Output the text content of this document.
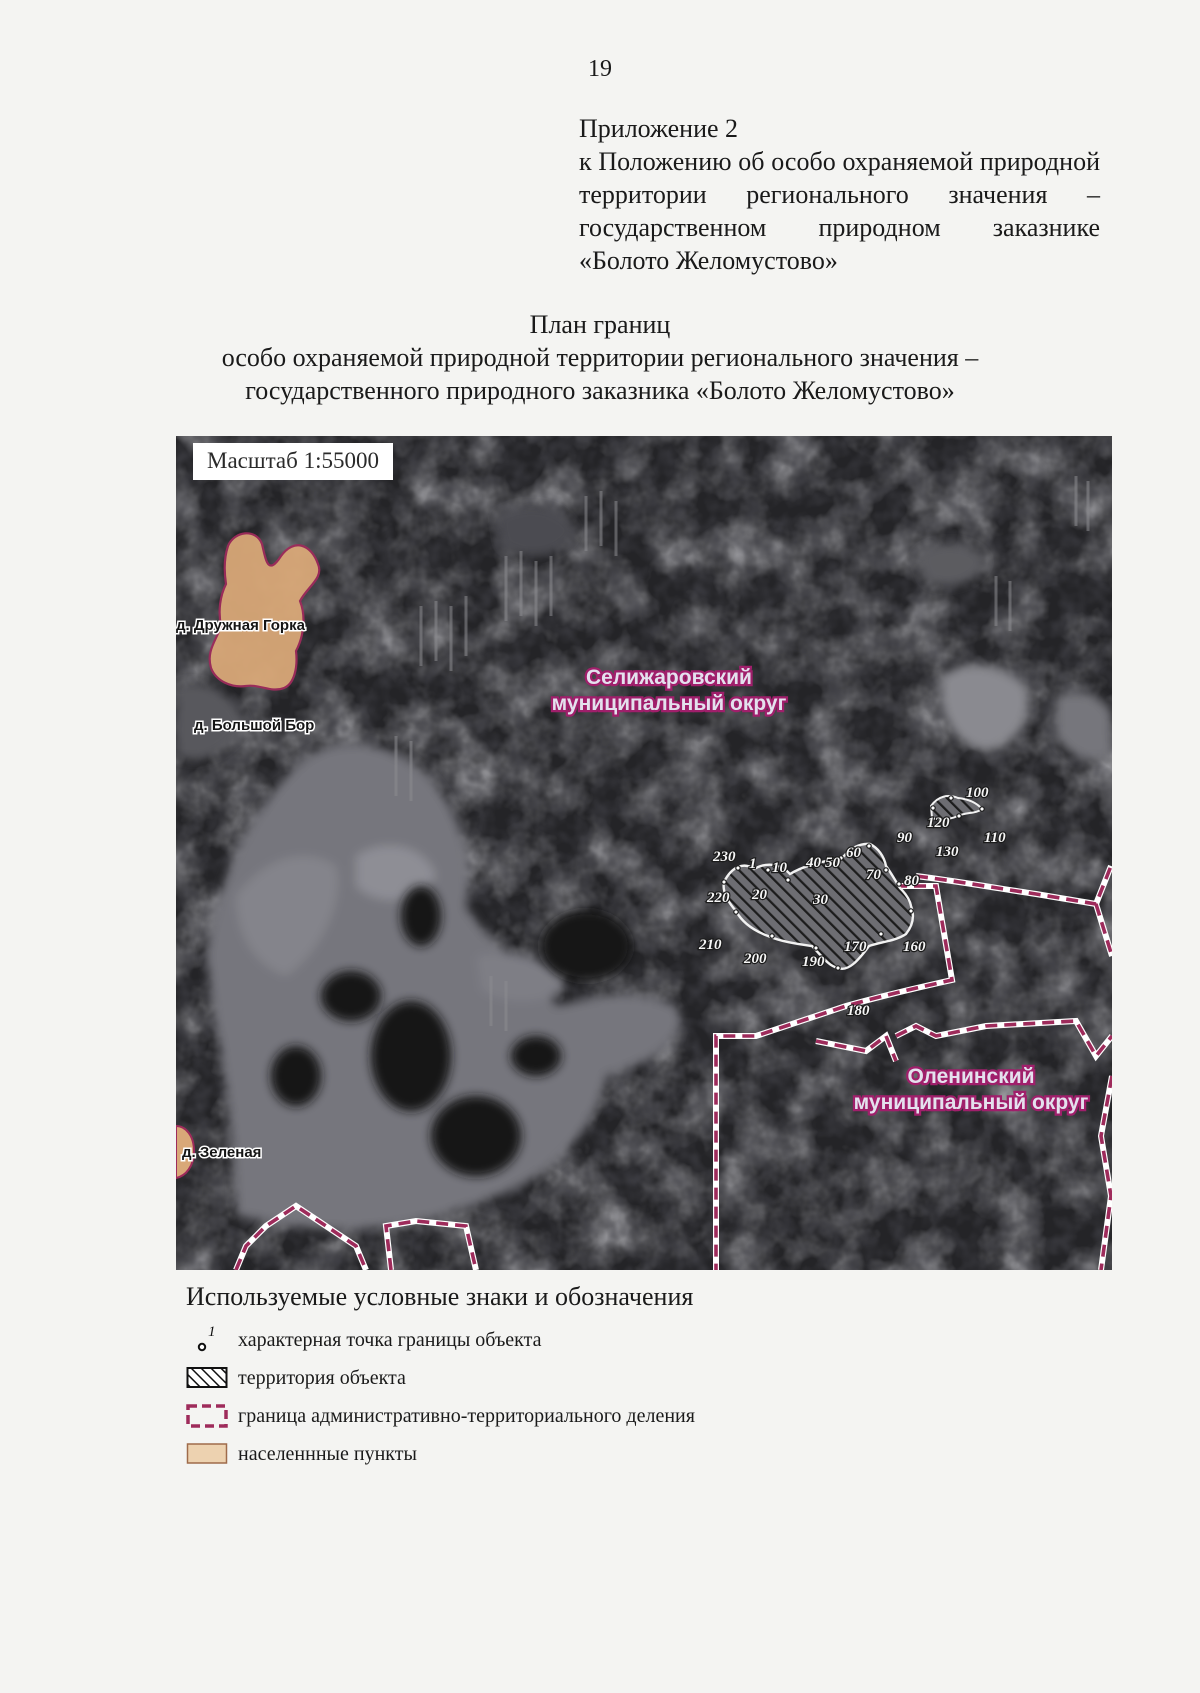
19
Приложение 2
к Положению об особо охраняемой природной территории регионального значения – государственном природном заказнике «Болото Желомустово»
План границ
особо охраняемой природной территории регионального значения –
государственного природного заказника «Болото Желомустово»
230 1 10
220 20	30
40 50
60
70 80
90
100
110
120
130
160
170
180
190
200
210
д. Дружная Горка
д. Большой Бор
д. Зеленая
Селижаровский
муниципальный округ
Оленинский
муниципальный округ
Масштаб 1:55000
Используемые условные знаки и обозначения
1 характерная точка границы объекта
территория объекта
граница административно-территориального деления
населеннные пункты
